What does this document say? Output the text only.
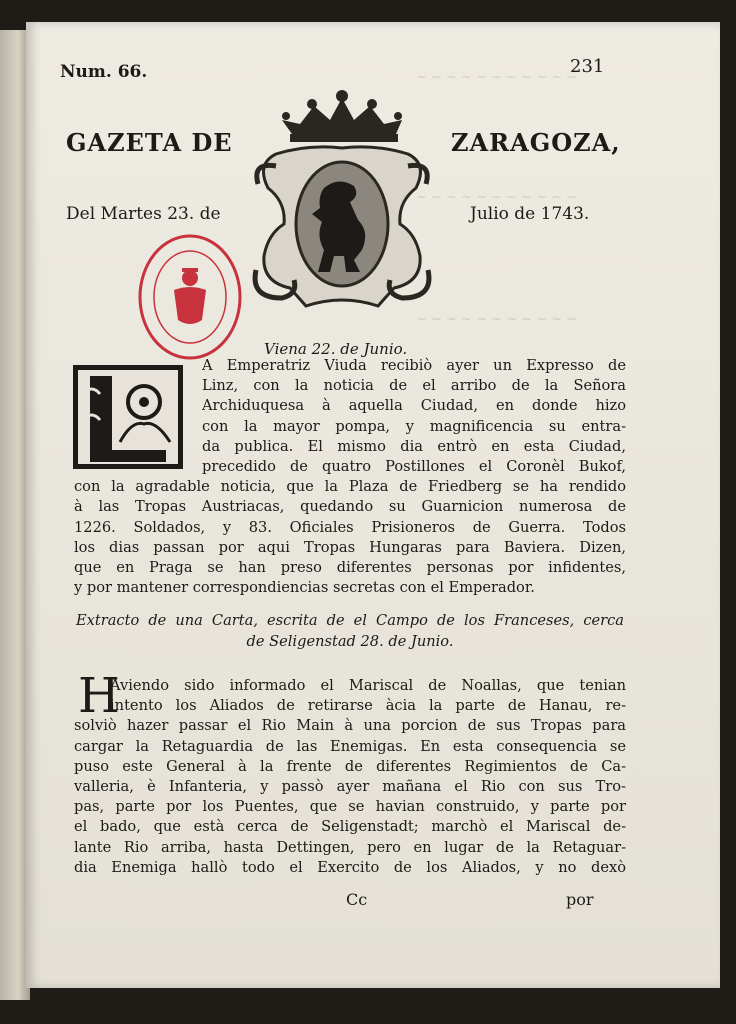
~ ~ ~ ~ ~ ~ ~ ~ ~ ~ ~
~ ~ ~ ~ ~ ~ ~ ~ ~ ~ ~
~ ~ ~ ~ ~ ~ ~ ~ ~ ~ ~
Num. 66.	231
GAZETA DE	ZARAGOZA,
Del Martes 23. de	Julio de 1743.
Viena 22. de Junio.
A Emperatriz Viuda recibiò ayer un Expresso de
Linz, con la noticia de el arribo de la Señora
Archiduquesa à aquella Ciudad, en donde hizo
con la mayor pompa, y magnificencia su entra-
da publica. El mismo dia entrò en esta Ciudad,
precedido de quatro Postillones el Coronèl Bukof,
con la agradable noticia, que la Plaza de Friedberg se ha rendido
à las Tropas Austriacas, quedando su Guarnicion numerosa de
1226. Soldados, y 83. Oficiales Prisioneros de Guerra. Todos
los dias passan por aqui Tropas Hungaras para Baviera. Dizen,
que en Praga se han preso diferentes personas por infidentes,
y por mantener correspondiencias secretas con el Emperador.
Extracto de una Carta, escrita de el Campo de los Franceses, cerca
de Seligenstad 28. de Junio.
H
Aviendo sido informado el Mariscal de Noallas, que tenian
intento los Aliados de retirarse àcia la parte de Hanau, re-
solviò hazer passar el Rio Main à una porcion de sus Tropas para
cargar la Retaguardia de las Enemigas. En esta consequencia se
puso este General à la frente de diferentes Regimientos de Ca-
valleria, è Infanteria, y passò ayer mañana el Rio con sus Tro-
pas, parte por los Puentes, que se havian construido, y parte por
el bado, que està cerca de Seligenstadt; marchò el Mariscal de-
lante Rio arriba, hasta Dettingen, pero en lugar de la Retaguar-
dia Enemiga hallò todo el Exercito de los Aliados, y no dexò
Cc	por
